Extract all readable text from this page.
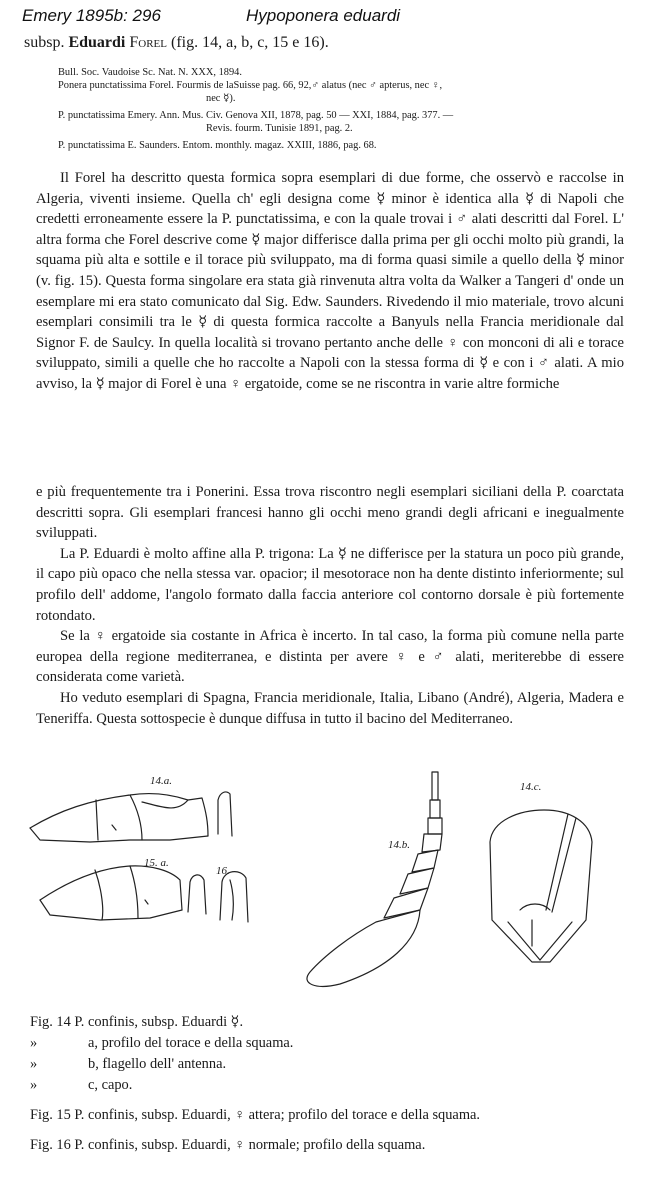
Emery 1895b: 296	Hypoponera eduardi
subsp. Eduardi Forel (fig. 14, a, b, c, 15 e 16).

Bull. Soc. Vaudoise Sc. Nat. N. XXX, 1894.

Ponera punctatissima Forel. Fourmis de laSuisse pag. 66, 92,♂ alatus (nec ♂ apterus, nec ♀,

nec ☿).

P. punctatissima Emery. Ann. Mus. Civ. Genova XII, 1878, pag. 50 — XXI, 1884, pag. 377. —

Revis. fourm. Tunisie 1891, pag. 2.

P. punctatissima E. Saunders. Entom. monthly. magaz. XXIII, 1886, pag. 68.

Il Forel ha descritto questa formica sopra esemplari di due forme, che osservò e raccolse in Algeria, viventi insieme. Quella ch' egli designa come ☿ minor è identica alla ☿ di Napoli che credetti erroneamente essere la P. punctatissima, e con la quale trovai i ♂ alati descritti dal Forel. L' altra forma che Forel descrive come ☿ major differisce dalla prima per gli occhi molto più grandi, la squama più alta e sottile e il torace più sviluppato, ma di forma quasi simile a quello della ☿ minor (v. fig. 15). Questa forma singolare era stata già rinvenuta altra volta da Walker a Tangeri d' onde un esemplare mi era stato comunicato dal Sig. Edw. Saunders. Rivedendo il mio materiale, trovo alcuni esemplari consimili tra le ☿ di questa formica raccolte a Banyuls nella Francia meridionale dal Signor F. de Saulcy. In quella località si trovano pertanto anche delle ♀ con monconi di ali e torace sviluppato, simili a quelle che ho raccolte a Napoli con la stessa forma di ☿ e con i ♂ alati. A mio avviso, la ☿ major di Forel è una ♀ ergatoide, come se ne riscontra in varie altre formiche

e più frequentemente tra i Ponerini. Essa trova riscontro negli esemplari siciliani della P. coarctata descritti sopra. Gli esemplari francesi hanno gli occhi meno grandi degli africani e inegualmente sviluppati.

La P. Eduardi è molto affine alla P. trigona: La ☿ ne differisce per la statura un poco più grande, il capo più opaco che nella stessa var. opacior; il mesotorace non ha dente distinto inferiormente; sul profilo dell' addome, l'angolo formato dalla faccia anteriore col contorno dorsale è più fortemente rotondato.

Se la ♀ ergatoide sia costante in Africa è incerto. In tal caso, la forma più comune nella parte europea della regione mediterranea, e distinta per avere ♀ e ♂ alati, meriterebbe di essere considerata come varietà.

Ho veduto esemplari di Spagna, Francia meridionale, Italia, Libano (André), Algeria, Madera e Teneriffa. Questa sottospecie è dunque diffusa in tutto il bacino del Mediterraneo.

14.a.
15. a.
16.
14.b.
14.c.
Fig. 14 P. confinis, subsp. Eduardi ☿.
»	a, profilo del torace e della squama.
»	b, flagello dell' antenna.
»	c, capo.
Fig. 15 P. confinis, subsp. Eduardi, ♀ attera; profilo del torace e della squama.
Fig. 16 P. confinis, subsp. Eduardi, ♀ normale; profilo della squama.
